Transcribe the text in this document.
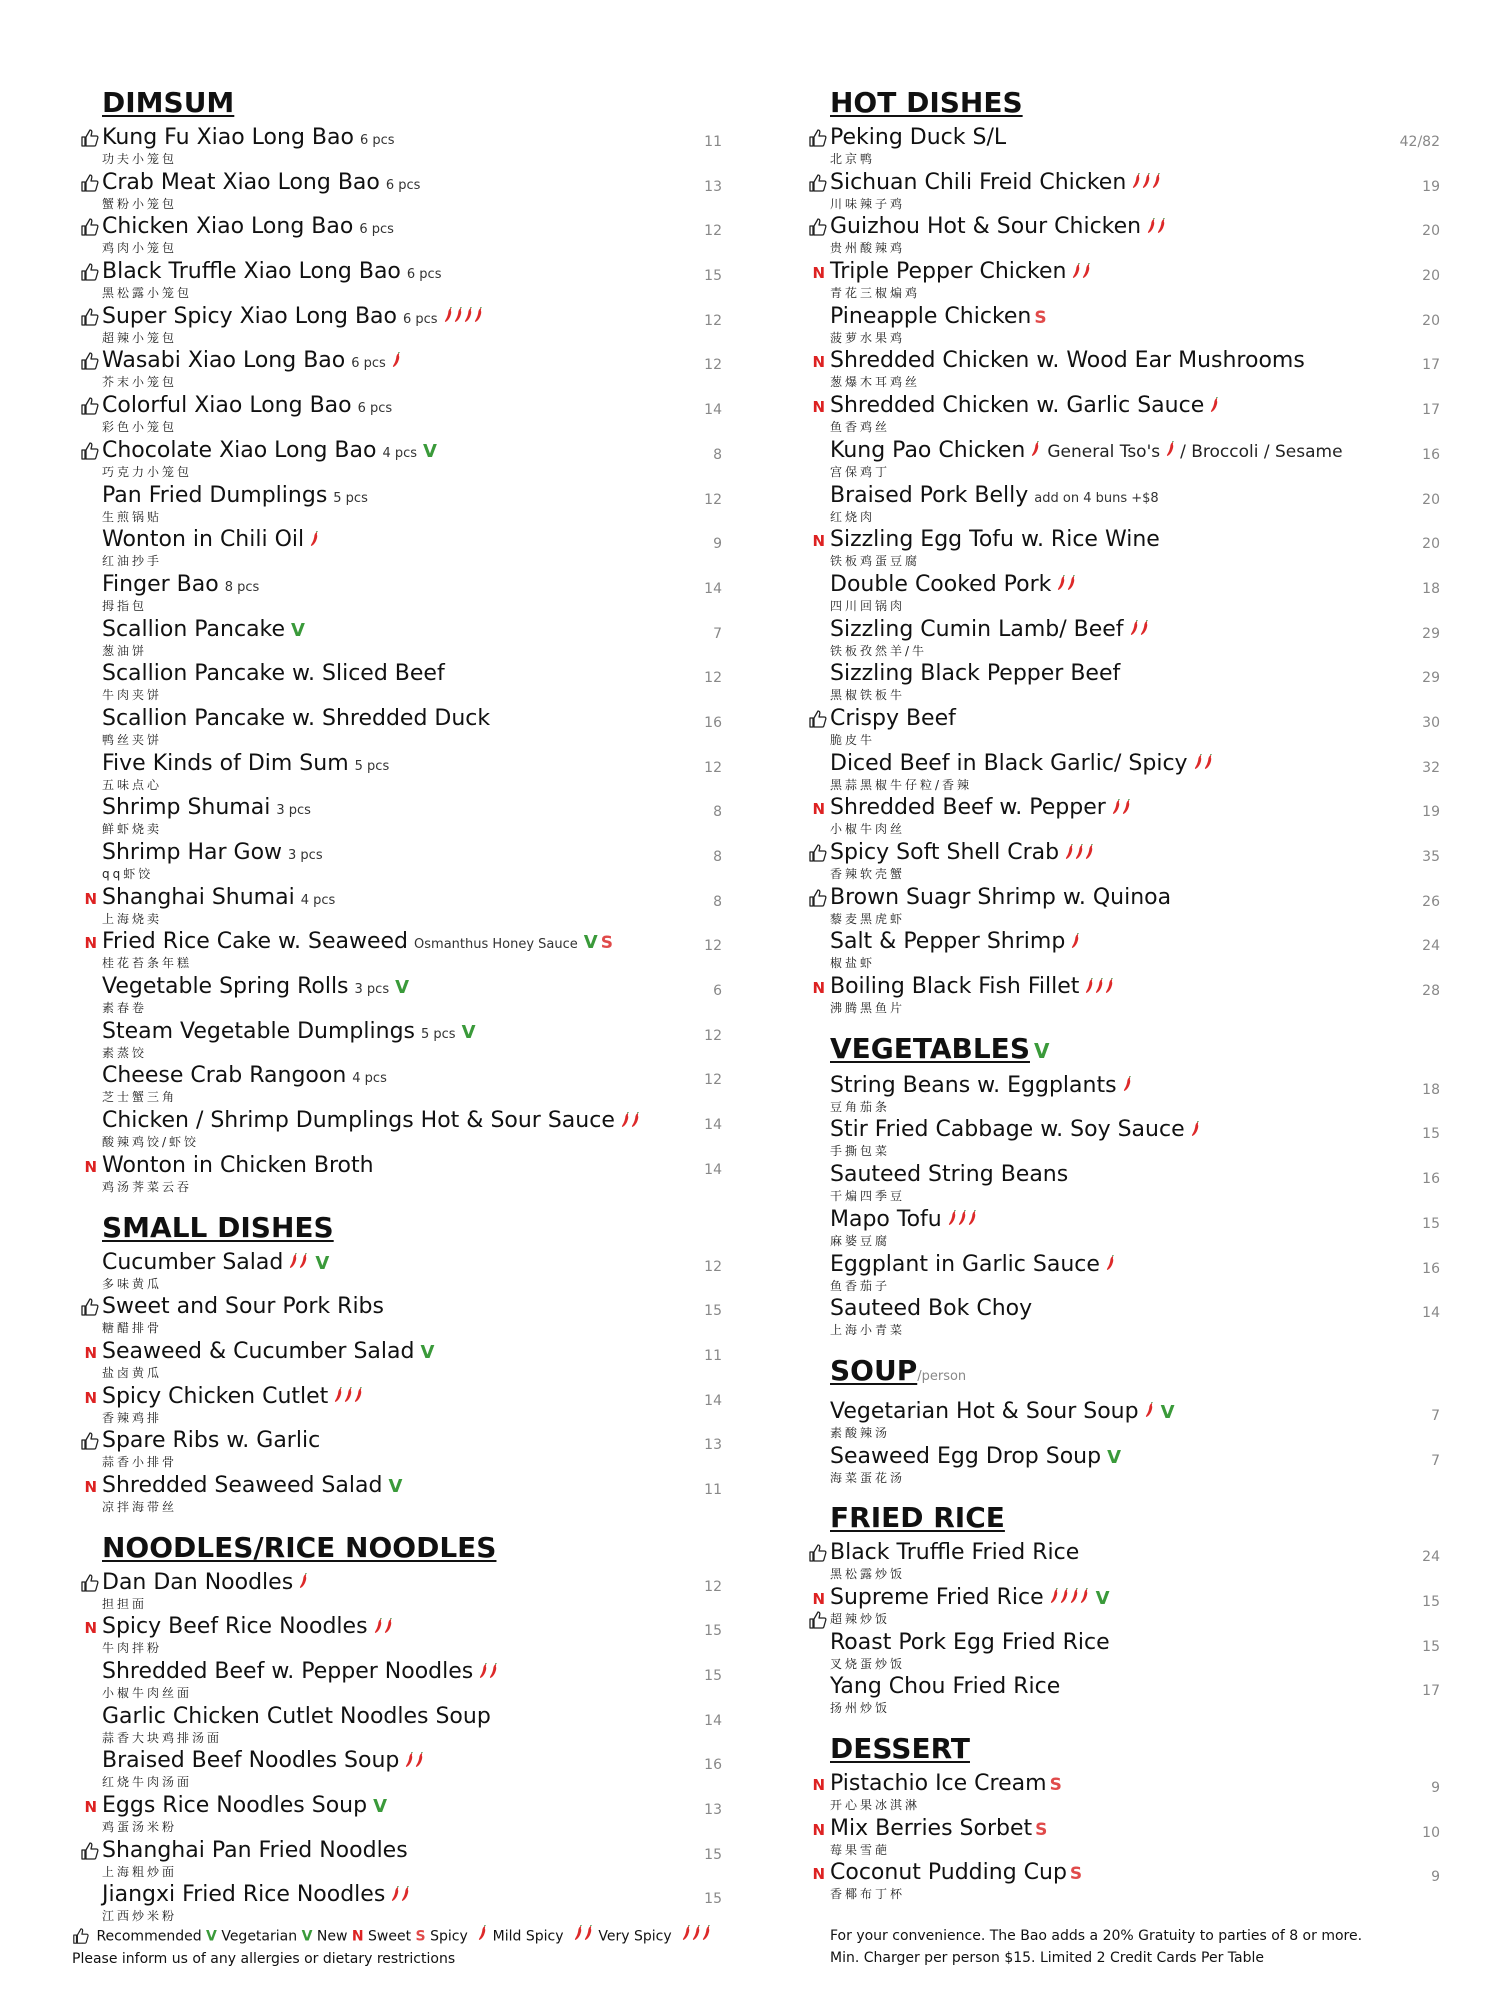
DIMSUM
Kung Fu Xiao Long Bao 6 pcs	11
功夫小笼包
Crab Meat Xiao Long Bao 6 pcs	13
蟹粉小笼包
Chicken Xiao Long Bao 6 pcs	12
鸡肉小笼包
Black Truffle Xiao Long Bao 6 pcs	15
黑松露小笼包
Super Spicy Xiao Long Bao 6 pcs	12
超辣小笼包
Wasabi Xiao Long Bao 6 pcs	12
芥末小笼包
Colorful Xiao Long Bao 6 pcs	14
彩色小笼包
Chocolate Xiao Long Bao 4 pcs V	8
巧克力小笼包
Pan Fried Dumplings 5 pcs	12
生煎锅贴
Wonton in Chili Oil	9
红油抄手
Finger Bao 8 pcs	14
拇指包
Scallion Pancake V	7
葱油饼
Scallion Pancake w. Sliced Beef	12
牛肉夹饼
Scallion Pancake w. Shredded Duck	16
鸭丝夹饼
Five Kinds of Dim Sum 5 pcs	12
五味点心
Shrimp Shumai 3 pcs	8
鲜虾烧卖
Shrimp Har Gow 3 pcs	8
qq虾饺
N Shanghai Shumai 4 pcs	8
上海烧卖
N Fried Rice Cake w. Seaweed Osmanthus Honey Sauce V S	12
桂花苔条年糕
Vegetable Spring Rolls 3 pcs V	6
素春卷
Steam Vegetable Dumplings 5 pcs V	12
素蒸饺
Cheese Crab Rangoon 4 pcs	12
芝士蟹三角
Chicken / Shrimp Dumplings Hot & Sour Sauce	14
酸辣鸡饺/虾饺
N Wonton in Chicken Broth	14
鸡汤荠菜云吞
SMALL DISHES
Cucumber Salad V	12
多味黄瓜
Sweet and Sour Pork Ribs	15
糖醋排骨
N Seaweed & Cucumber Salad V	11
盐卤黄瓜
N Spicy Chicken Cutlet	14
香辣鸡排
Spare Ribs w. Garlic	13
蒜香小排骨
N Shredded Seaweed Salad V	11
凉拌海带丝
NOODLES/RICE NOODLES
Dan Dan Noodles	12
担担面
N Spicy Beef Rice Noodles	15
牛肉拌粉
Shredded Beef w. Pepper Noodles	15
小椒牛肉丝面
Garlic Chicken Cutlet Noodles Soup	14
蒜香大块鸡排汤面
Braised Beef Noodles Soup	16
红烧牛肉汤面
N Eggs Rice Noodles Soup V	13
鸡蛋汤米粉
Shanghai Pan Fried Noodles	15
上海粗炒面
Jiangxi Fried Rice Noodles	15
江西炒米粉
HOT DISHES
Peking Duck S/L	42/82
北京鸭
Sichuan Chili Freid Chicken	19
川味辣子鸡
Guizhou Hot & Sour Chicken	20
贵州酸辣鸡
N Triple Pepper Chicken	20
青花三椒煸鸡
Pineapple Chicken S	20
菠萝水果鸡
N Shredded Chicken w. Wood Ear Mushrooms	17
葱爆木耳鸡丝
N Shredded Chicken w. Garlic Sauce	17
鱼香鸡丝
Kung Pao Chicken General Tso's / Broccoli / Sesame	16
宫保鸡丁
Braised Pork Belly add on 4 buns +$8	20
红烧肉
N Sizzling Egg Tofu w. Rice Wine	20
铁板鸡蛋豆腐
Double Cooked Pork	18
四川回锅肉
Sizzling Cumin Lamb/ Beef	29
铁板孜然羊/牛
Sizzling Black Pepper Beef	29
黑椒铁板牛
Crispy Beef	30
脆皮牛
Diced Beef in Black Garlic/ Spicy	32
黑蒜黑椒牛仔粒/香辣
N Shredded Beef w. Pepper	19
小椒牛肉丝
Spicy Soft Shell Crab	35
香辣软壳蟹
Brown Suagr Shrimp w. Quinoa	26
藜麦黑虎虾
Salt & Pepper Shrimp	24
椒盐虾
N Boiling Black Fish Fillet	28
沸腾黑鱼片
VEGETABLES V
String Beans w. Eggplants	18
豆角茄条
Stir Fried Cabbage w. Soy Sauce	15
手撕包菜
Sauteed String Beans	16
干煸四季豆
Mapo Tofu	15
麻婆豆腐
Eggplant in Garlic Sauce	16
鱼香茄子
Sauteed Bok Choy	14
上海小青菜
SOUP/person
Vegetarian Hot & Sour Soup V	7
素酸辣汤
Seaweed Egg Drop Soup V	7
海菜蛋花汤
FRIED RICE
Black Truffle Fried Rice	24
黑松露炒饭
N Supreme Fried Rice	V	15
超辣炒饭
Roast Pork Egg Fried Rice	15
叉烧蛋炒饭
Yang Chou Fried Rice	17
扬州炒饭
DESSERT
N Pistachio Ice Cream S	9
开心果冰淇淋
N Mix Berries Sorbet S	10
莓果雪葩
N Coconut Pudding Cup S	9
香椰布丁杯
Recommended V Vegetarian V New N Sweet S Spicy Mild Spicy Very Spicy
Please inform us of any allergies or dietary restrictions
For your convenience. The Bao adds a 20% Gratuity to parties of 8 or more.
Min. Charger per person $15. Limited 2 Credit Cards Per Table
